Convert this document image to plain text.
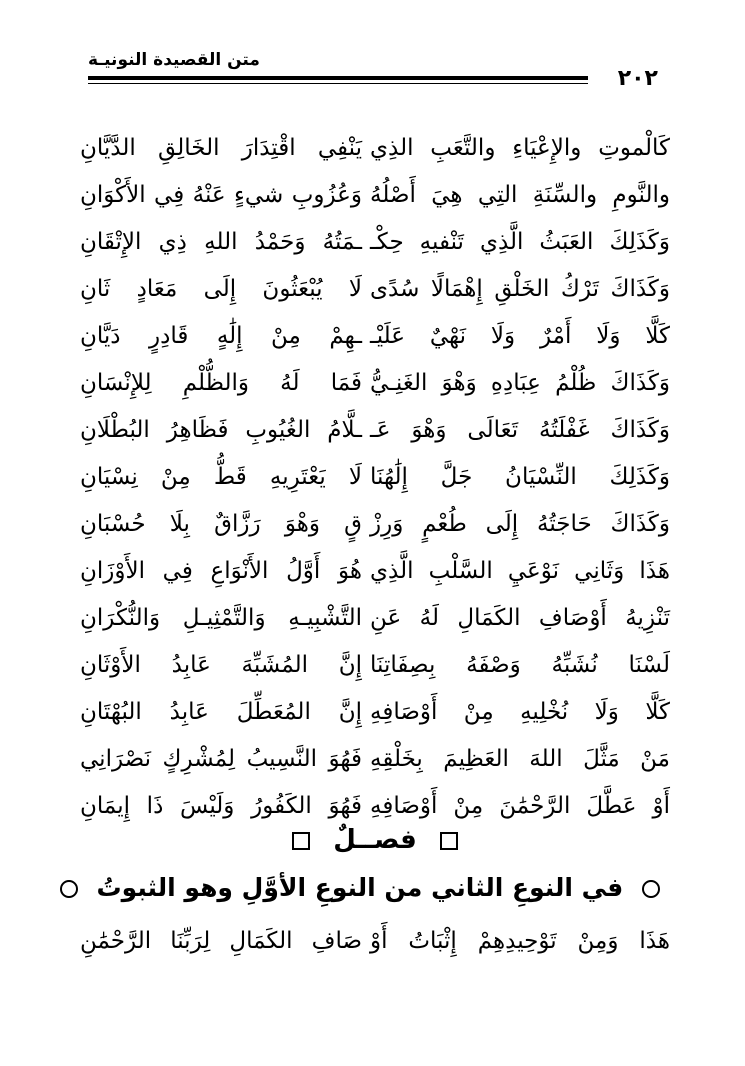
متن القصيدة النونيـة
٢٠٢
كَالْموتِ والإِعْيَاءِ والتَّعَبِ الذِي
يَنْفِي اقْتِدَارَ الخَالِقِ الدَّيَّانِ
والنَّومِ والسِّنَةِ التِي هِيَ أَصْلُهُ
وَعُزُوبِ شيءٍ عَنْهُ فِي الأَكْوَانِ
وَكَذَلِكَ العَبَثُ الَّذِي تَنْفيهِ حِكْـ
ـمَتُهُ وَحَمْدُ اللهِ ذِي الإِتْقَانِ
وَكَذَاكَ تَرْكُ الخَلْقِ إِهْمَالًا سُدًى
لَا يُبْعَثُونَ إِلَى مَعَادٍ ثَانِ
كَلَّا وَلَا أَمْرٌ وَلَا نَهْيٌ عَلَيْـ
ـهِمْ مِنْ إِلَٰهٍ قَادِرٍ دَيَّانِ
وَكَذَاكَ ظُلْمُ عِبَادِهِ وَهْوَ الغَنِـيُّ
فَمَا لَهُ وَالظُّلْمِ لِلإِنْسَانِ
وَكَذَاكَ غَفْلَتُهُ تَعَالَى وَهْوَ عَـ
ـلَّامُ الغُيُوبِ فَظَاهِرُ البُطْلَانِ
وَكَذَلِكَ النِّسْيَانُ جَلَّ إِلَٰهُنَا
لَا يَعْتَرِيهِ قَطُّ مِنْ نِسْيَانِ
وَكَذَاكَ حَاجَتُهُ إِلَى طُعْمٍ وَرِزْ
قٍ وَهْوَ رَزَّاقٌ بِلَا حُسْبَانِ
هَذَا وَثَانِي نَوْعَيِ السَّلْبِ الَّذِي
هُوَ أَوَّلُ الأَنْوَاعِ فِي الأَوْزَانِ
تَنْزِيهُ أَوْصَافِ الكَمَالِ لَهُ عَنِ
التَّشْبِيـهِ وَالتَّمْثِيـلِ وَالنُّكْرَانِ
لَسْنَا نُشَبِّهُ وَصْفَهُ بِصِفَاتِنَا
إِنَّ المُشَبِّهَ عَابِدُ الأَوْثَانِ
كَلَّا وَلَا نُخْلِيهِ مِنْ أَوْصَافِهِ
إِنَّ المُعَطِّلَ عَابِدُ البُهْتَانِ
مَنْ مَثَّلَ اللهَ العَظِيمَ بِخَلْقِهِ
فَهُوَ النَّسِيبُ لِمُشْرِكٍ نَصْرَانِي
أَوْ عَطَّلَ الرَّحْمَٰنَ مِنْ أَوْصَافِهِ
فَهُوَ الكَفُورُ وَلَيْسَ ذَا إِيمَانِ
فصــلٌ
في النوعِ الثاني من النوعِ الأوَّلِ وهو الثبوتُ
هَذَا وَمِنْ تَوْحِيدِهِمْ إِثْبَاتُ أَوْ
صَافِ الكَمَالِ لِرَبِّنَا الرَّحْمَٰنِ
